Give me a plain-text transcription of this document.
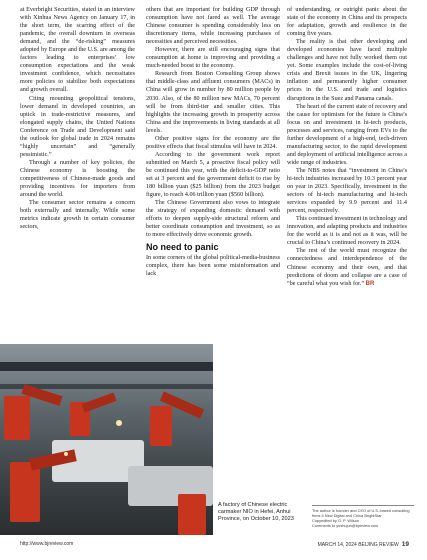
at Everbright Securities, stated in an interview with Xinhua News Agency on January 17, in the short term, the scarring effect of the pandemic, the overall downturn in overseas demand, and the “de-risking” measures adopted by Europe and the U.S. are among the factors leading to enterprises’ low consumption expectations and the weak investment confidence, which necessitates more policies to stabilize both expectations and growth overall.

Citing mounting geopolitical tensions, lower demand in developed countries, an uptick in trade-restrictive measures, and elongated supply chains, the United Nations Conference on Trade and Development said the outlook for global trade in 2024 remains “highly uncertain” and “generally pessimistic.”

Through a number of key policies, the Chinese economy is boosting the competitiveness of Chinese-made goods and providing incentives for importers from around the world.

The consumer sector remains a concern both externally and internally. While some metrics indicate growth in certain consumer sectors,

others that are important for building GDP through consumption have not fared as well. The average Chinese consumer is spending considerably less on discretionary items, while increasing purchases of necessities and perceived necessities.

However, there are still encouraging signs that consumption at home is improving and providing a much-needed boost to the economy.

Research from Boston Consulting Group shows that middle-class and affluent consumers (MACs) in China will grow in number by 80 million people by 2030. Also, of the 80 million new MACs, 70 percent will be from third-tier and smaller cities. This highlights the increasing growth in prosperity across China and the improvements in living standards at all levels.

Other positive signs for the economy are the positive effects that fiscal stimulus will have in 2024.

According to the government work report submitted on March 5, a proactive fiscal policy will be continued this year, with the deficit-to-GDP ratio set at 3 percent and the government deficit to rise by 180 billion yuan ($25 billion) from the 2023 budget figure, to reach 4.06 trillion yuan ($560 billion).

The Chinese Government also vows to integrate the strategy of expanding domestic demand with efforts to deepen supply-side structural reform and better coordinate consumption and investment, so as to more effectively drive economic growth.

No need to panic

In some corners of the global political-media-business complex, there has been some misinformation and lack

of understanding, or outright panic about the state of the economy in China and its prospects for adaptation, growth and resilience in the coming five years.

The reality is that other developing and developed economies have faced multiple challenges and have not fully worked them out yet. Some examples include the cost-of-living crisis and Brexit issues in the UK, lingering inflation and permanently higher consumer prices in the U.S. and trade and logistics disruptions in the Suez and Panama canals.

The heart of the current state of recovery and the cause for optimism for the future is China’s focus on and investment in hi-tech products, processes and services, ranging from EVs to the further development of a high-end, tech-driven manufacturing sector, to the rapid development and deployment of artificial intelligence across a wide range of industries.

The NBS notes that “investment in China’s hi-tech industries increased by 10.3 percent year on year in 2023. Specifically, investment in the sectors of hi-tech manufacturing and hi-tech services expanded by 9.9 percent and 11.4 percent, respectively.

This continued investment in technology and innovation, and adapting products and industries for the world as it is and not as it was, will be crucial to China’s continued recovery in 2024.

The rest of the world must recognize the connectedness and interdependence of the Chinese economy and their own, and that predictions of doom and collapse are a case of “be careful what you wish for.” BR

A factory of Chinese electric carmaker NIO in Hefei, Anhui Province, on October 10, 2023
The author is founder and CEO of U.S.-based consulting firms 5 New Digital and China BrightStar
Copyedited by G. P. Wilson
Comments to yushujun@bjreview.com
http://www.bjreview.com	MARCH 14, 2024 BEIJING REVIEW 19
